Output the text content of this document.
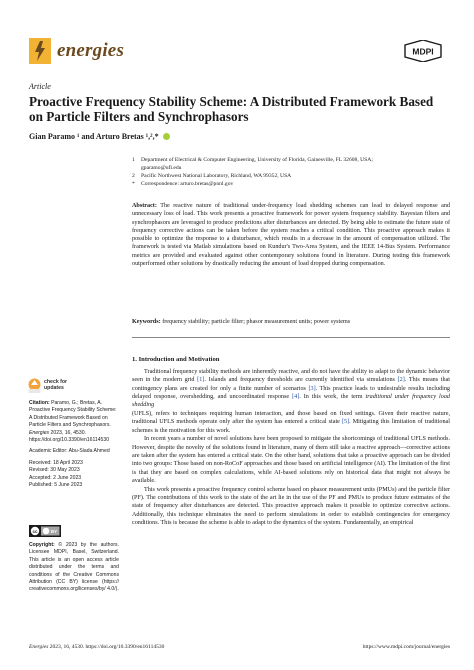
energies	MDPI
Article
Proactive Frequency Stability Scheme: A Distributed Framework Based on Particle Filters and Synchrophasors
Gian Paramo ¹ and Arturo Bretas ¹,²,*
1	Department of Electrical & Computer Engineering, University of Florida, Gainesville, FL 32608, USA;
gparamo@ufl.edu
2	Pacific Northwest National Laboratory, Richland, WA 99352, USA
*	Correspondence: arturo.bretas@pnnl.gov
Abstract: The reactive nature of traditional under-frequency load shedding schemes can lead to delayed response and unnecessary loss of load. This work presents a proactive framework for power system frequency stability. Bayesian filters and synchrophasors are leveraged to produce predictions after disturbances are detected. By being able to estimate the future state of frequency corrective actions can be taken before the system reaches a critical condition. This proactive approach makes it possible to optimize the response to a disturbance, which results in a decrease in the amount of compensation utilized. The framework is tested via Matlab simulations based on Kundur's Two-Area System, and the IEEE 14-Bus System. Performance metrics are provided and evaluated against other contemporary solutions found in literature. During testing this framework outperformed other solutions by drastically reducing the amount of load dropped during compensation.
Keywords: frequency stability; particle filter; phasor measurement units; power systems
1. Introduction and Motivation

Traditional frequency stability methods are inherently reactive, and do not have the ability to adapt to the dynamic behavior seen in the modern grid [1]. Islands and frequency thresholds are currently identified via simulations [2]. This means that contingency plans are created for only a finite number of scenarios [3]. This practice leads to undesirable results including delayed response, overshedding, and uncoordinated response [4]. In this work, the term traditional under frequency load shedding

(UFLS), refers to techniques requiring human interaction, and those based on fixed settings. Given their reactive nature, traditional UFLS methods operate only after the system has entered a critical state [5]. Mitigating this limitation of traditional schemes is the motivation for this work.

In recent years a number of novel solutions have been proposed to mitigate the shortcomings of traditional UFLS methods. However, despite the novelty of the solutions found in literature, many of them still take a reactive approach—corrective actions are taken after the system has entered a critical state. On the other hand, solutions that take a proactive approach can be divided into two groups: Those based on non-RoCoF approaches and those based on artificial intelligence (AI). The limitation of the first is that they are based on complex calculations, while AI-based solutions rely on historical data that might not always be available.

This work presents a proactive frequency control scheme based on phasor measurement units (PMUs) and the particle filter (PF). The contributions of this work to the state of the art lie in the use of the PF and PMUs to produce future estimates of the state of frequency after disturbances are detected. This proactive approach makes it possible to optimize corrective actions. Additionally, this technique eliminates the need to perform simulations in order to establish contingencies for emergency conditions. This is because the scheme is able to adapt to the dynamics of the system. Fundamentally, an empirical

check for
updates
Citation: Paramo, G.; Bretas, A. Proactive Frequency Stability Scheme: A Distributed Framework Based on Particle Filters and Synchrophasors. Energies 2023, 16, 4530. https://doi.org/10.3390/en16114530
Academic Editor: Abu-Siada Ahmed
Received: 18 April 2023
Revised: 30 May 2023
Accepted: 2 June 2023
Published: 5 June 2023
cc	BY
Copyright: © 2023 by the authors. Licensee MDPI, Basel, Switzerland. This article is an open access article distributed under the terms and conditions of the Creative Commons Attribution (CC BY) license (https:// creativecommons.org/licenses/by/ 4.0/).
Energies 2023, 16, 4530. https://doi.org/10.3390/en16114530	https://www.mdpi.com/journal/energies
